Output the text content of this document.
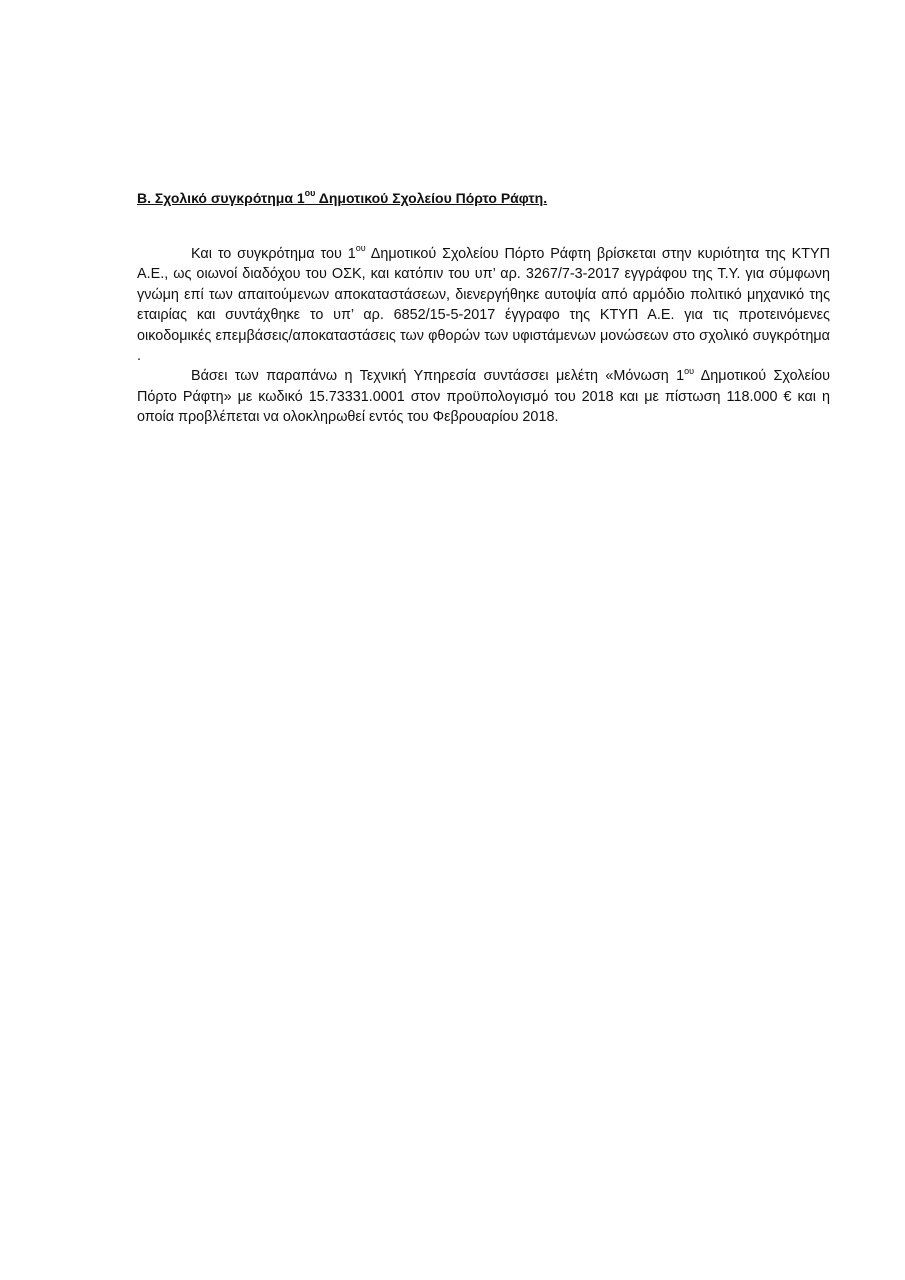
Β. Σχολικό συγκρότημα $1^{o\upsilon}$ Δημοτικού Σχολείου Πόρτο Ράφτη.

Και το συγκρότημα του $1^{o\upsilon}$ Δημοτικού Σχολείου Πόρτο Ράφτη βρίσκεται στην κυριότητα της ΚΤΥΠ Α.Ε., ως οιωνοί διαδόχου του ΟΣΚ, και κατόπιν του υπ’ αρ. 3267/7-3-2017 εγγράφου της Τ.Υ. για σύμφωνη γνώμη επί των απαιτούμενων αποκαταστάσεων, διενεργήθηκε αυτοψία από αρμόδιο πολιτικό μηχανικό της εταιρίας και συντάχθηκε το υπ’ αρ. 6852/15-5-2017 έγγραφο της ΚΤΥΠ Α.Ε. για τις προτεινόμενες οικοδομικές επεμβάσεις/αποκαταστάσεις των φθορών των υφιστάμενων μονώσεων στο σχολικό συγκρότημα .

Βάσει των παραπάνω η Τεχνική Υπηρεσία συντάσσει μελέτη «Μόνωση $1^{o\upsilon}$ Δημοτικού Σχολείου Πόρτο Ράφτη» με κωδικό 15.73331.0001 στον προϋπολογισμό του 2018 και με πίστωση 118.000 € και η οποία προβλέπεται να ολοκληρωθεί εντός του Φεβρουαρίου 2018.
